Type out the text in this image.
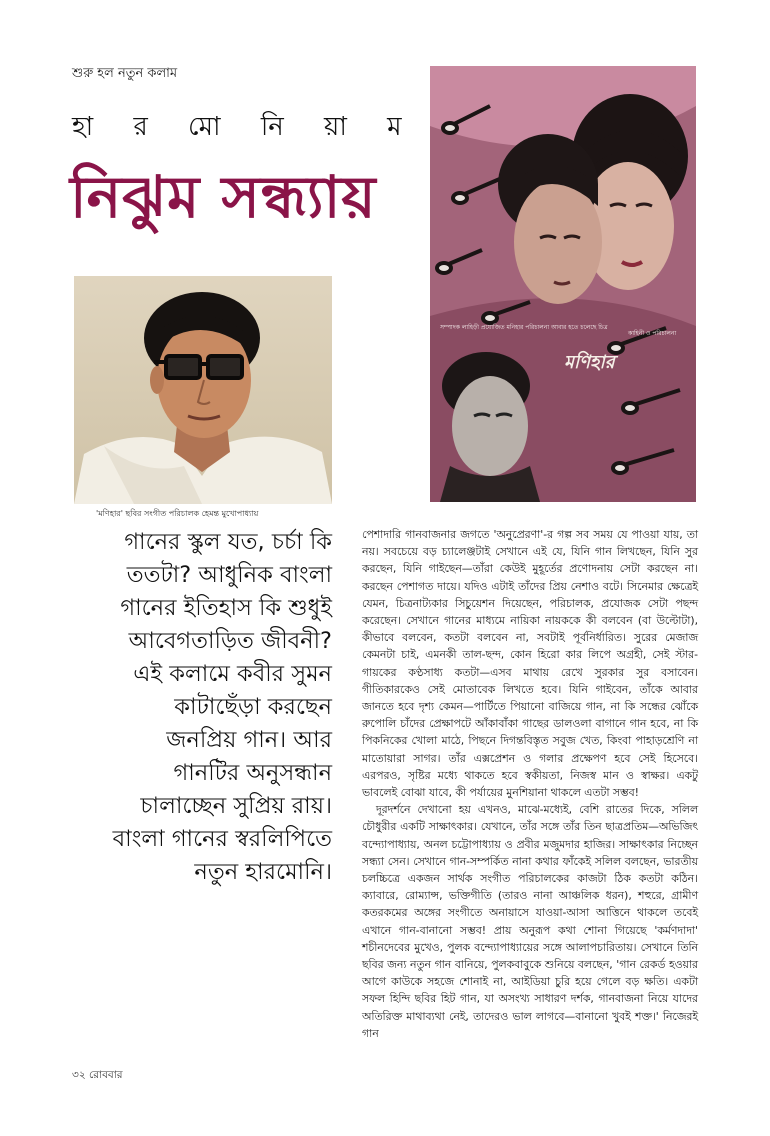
শুরু হল নতুন কলাম
হা র মো নি য়া ম
নিঝুম সন্ধ্যায়
'মণিহার' ছবির সংগীত পরিচালক হেমন্ত মুখোপাধ্যায়
সম্পাদক লাহিড়ী প্রযোজিত মনিহার পরিচালনা আবার হতে চলেছে চিত্র
মণিহার
কাহিনী ও পরিচালনা
গানের স্কুল যত, চর্চা কি
ততটা? আধুনিক বাংলা
গানের ইতিহাস কি শুধুই
আবেগতাড়িত জীবনী?
এই কলামে কবীর সুমন
কাটাছেঁড়া করছেন
জনপ্রিয় গান। আর
গানটির অনুসন্ধান
চালাচ্ছেন সুপ্রিয় রায়।
বাংলা গানের স্বরলিপিতে
নতুন হারমোনি।

পেশাদারি গানবাজনার জগতে 'অনুপ্রেরণা'-র গল্প সব সময় যে পাওয়া যায়, তা নয়। সবচেয়ে বড় চ্যালেঞ্জটাই সেখানে এই যে, যিনি গান লিখছেন, যিনি সুর করছেন, যিনি গাইছেন—তাঁরা কেউই মুহূর্তের প্রণোদনায় সেটা করছেন না। করছেন পেশাগত দায়ে। যদিও এটাই তাঁদের প্রিয় নেশাও বটে। সিনেমার ক্ষেত্রেই যেমন, চিত্রনাট্যকার সিচুয়েশন দিয়েছেন, পরিচালক, প্রযোজক সেটা পছন্দ করেছেন। সেখানে গানের মাধ্যমে নায়িকা নায়ককে কী বলবেন (বা উল্টোটা), কীভাবে বলবেন, কতটা বলবেন না, সবটাই পূর্বনির্ধারিত। সুরের মেজাজ কেমনটা চাই, এমনকী তাল-ছন্দ, কোন হিরো কার লিপে অগ্রহী, সেই স্টার-গায়কের কণ্ঠসাধ্য কতটা—এসব মাথায় রেখে সুরকার সুর বসাবেন। গীতিকারকেও সেই মোতাবেক লিখতে হবে। যিনি গাইবেন, তাঁকে আবার জানতে হবে দৃশ্য কেমন—পার্টিতে পিয়ানো বাজিয়ে গান, না কি সন্ধের ঝোঁকে রুপোলি চাঁদের প্রেক্ষাপটে আঁকাবাঁকা গাছের ডালওলা বাগানে গান হবে, না কি পিকনিকের খোলা মাঠে, পিছনে দিগন্তবিস্তৃত সবুজ খেত, কিংবা পাহাড়শ্রেণি না মাতোয়ারা সাগর। তাঁর এক্সপ্রেশন ও গলার প্রক্ষেপণ হবে সেই হিসেবে। এরপরও, সৃষ্টির মধ্যে থাকতে হবে স্বকীয়তা, নিজস্ব মান ও স্বাক্ষর। একটু ভাবলেই বোঝা যাবে, কী পর্যায়ের মুনশিয়ানা থাকলে এতটা সম্ভব!

দূরদর্শনে দেখানো হয় এখনও, মাঝে-মধ্যেই, বেশি রাতের দিকে, সলিল চৌধুরীর একটি সাক্ষাৎকার। যেখানে, তাঁর সঙ্গে তাঁর তিন ছাত্রপ্রতিম—অভিজিৎ বন্দ্যোপাধ্যায়, অনল চট্টোপাধ্যায় ও প্রবীর মজুমদার হাজির। সাক্ষাৎকার নিচ্ছেন সন্ধ্যা সেন। সেখানে গান-সম্পর্কিত নানা কথার ফাঁকেই সলিল বলছেন, ভারতীয় চলচ্চিত্রে একজন সার্থক সংগীত পরিচালকের কাজটা ঠিক কতটা কঠিন। ক্যাবারে, রোম্যান্স, ভক্তিগীতি (তারও নানা আঞ্চলিক ধরন), শহুরে, গ্রামীণ কতরকমের অঙ্গের সংগীতে অনায়াসে যাওয়া-আসা আত্তিনে থাকলে তবেই এখানে গান-বানানো সম্ভব! প্রায় অনুরূপ কথা শোনা গিয়েছে 'কর্মণদাদা' শচীনদেবের মুখেও, পুলক বন্দ্যোপাধ্যায়ের সঙ্গে আলাপচারিতায়। সেখানে তিনি ছবির জন্য নতুন গান বানিয়ে, পুলকবাবুকে শুনিয়ে বলছেন, 'গান রেকর্ড হওয়ার আগে কাউকে সহজে শোনাই না, আইডিয়া চুরি হয়ে গেলে বড় ক্ষতি। একটা সফল হিন্দি ছবির হিট গান, যা অসংখ্য সাধারণ দর্শক, গানবাজনা নিয়ে যাদের অতিরিক্ত মাথাব্যথা নেই, তাদেরও ভাল লাগবে—বানানো খুবই শক্ত।' নিজেরই গান

৩২ রোববার
